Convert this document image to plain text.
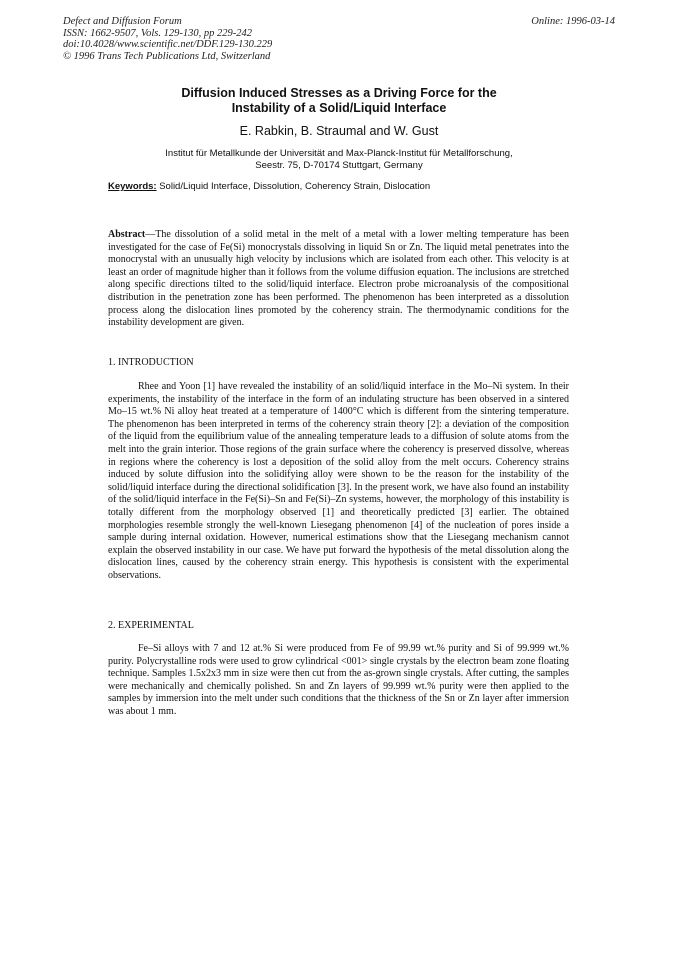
Defect and Diffusion Forum
ISSN: 1662-9507, Vols. 129-130, pp 229-242
doi:10.4028/www.scientific.net/DDF.129-130.229
© 1996 Trans Tech Publications Ltd, Switzerland
Online: 1996-03-14
Diffusion Induced Stresses as a Driving Force for the
Instability of a Solid/Liquid Interface
E. Rabkin, B. Straumal and W. Gust
Institut für Metallkunde der Universität and Max-Planck-Institut für Metallforschung,
Seestr. 75, D-70174 Stuttgart, Germany
Keywords: Solid/Liquid Interface, Dissolution, Coherency Strain, Dislocation

Abstract—The dissolution of a solid metal in the melt of a metal with a lower melting temperature has been investigated for the case of Fe(Si) monocrystals dissolving in liquid Sn or Zn. The liquid metal penetrates into the monocrystal with an unusually high velocity by inclusions which are isolated from each other. This velocity is at least an order of magnitude higher than it follows from the volume diffusion equation. The inclusions are stretched along specific directions tilted to the solid/liquid interface. Electron probe microanalysis of the compositional distribution in the penetration zone has been performed. The phenomenon has been interpreted as a dissolution process along the dislocation lines promoted by the coherency strain. The thermodynamic conditions for the instability development are given.

1. INTRODUCTION

Rhee and Yoon [1] have revealed the instability of an solid/liquid interface in the Mo–Ni system. In their experiments, the instability of the interface in the form of an indulating structure has been observed in a sintered Mo–15 wt.% Ni alloy heat treated at a temperature of 1400°C which is different from the sintering temperature. The phenomenon has been interpreted in terms of the coherency strain theory [2]: a deviation of the composition of the liquid from the equilibrium value of the annealing temperature leads to a diffusion of solute atoms from the melt into the grain interior. Those regions of the grain surface where the coherency is preserved dissolve, whereas in regions where the coherency is lost a deposition of the solid alloy from the melt occurs. Coherency strains induced by solute diffusion into the solidifying alloy were shown to be the reason for the instability of the solid/liquid interface during the directional solidification [3]. In the present work, we have also found an instability of the solid/liquid interface in the Fe(Si)–Sn and Fe(Si)–Zn systems, however, the morphology of this instability is totally different from the morphology observed [1] and theoretically predicted [3] earlier. The obtained morphologies resemble strongly the well-known Liesegang phenomenon [4] of the nucleation of pores inside a sample during internal oxidation. However, numerical estimations show that the Liesegang mechanism cannot explain the observed instability in our case. We have put forward the hypothesis of the metal dissolution along the dislocation lines, caused by the coherency strain energy. This hypothesis is consistent with the experimental observations.

2. EXPERIMENTAL

Fe–Si alloys with 7 and 12 at.% Si were produced from Fe of 99.99 wt.% purity and Si of 99.999 wt.% purity. Polycrystalline rods were used to grow cylindrical <001> single crystals by the electron beam zone floating technique. Samples 1.5x2x3 mm in size were then cut from the as-grown single crystals. After cutting, the samples were mechanically and chemically polished. Sn and Zn layers of 99.999 wt.% purity were then applied to the samples by immersion into the melt under such conditions that the thickness of the Sn or Zn layer after immersion was about 1 mm.
